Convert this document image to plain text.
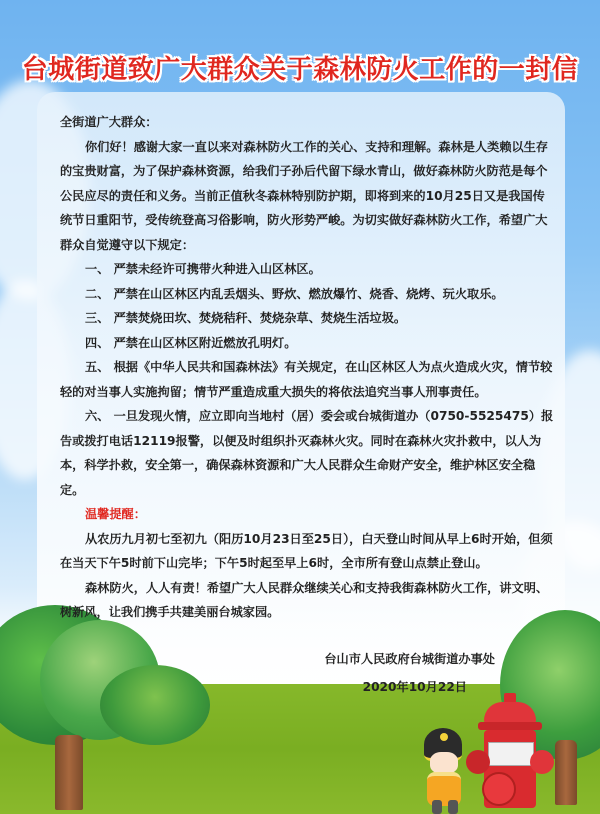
台城街道致广大群众关于森林防火工作的一封信

全街道广大群众：

你们好！感谢大家一直以来对森林防火工作的关心、支持和理解。森林是人类赖以生存的宝贵财富，为了保护森林资源，给我们子孙后代留下绿水青山，做好森林防火防范是每个公民应尽的责任和义务。当前正值秋冬森林特别防护期，即将到来的10月25日又是我国传统节日重阳节，受传统登高习俗影响，防火形势严峻。为切实做好森林防火工作，希望广大群众自觉遵守以下规定：

一、 严禁未经许可携带火种进入山区林区。

二、 严禁在山区林区内乱丢烟头、野炊、燃放爆竹、烧香、烧烤、玩火取乐。

三、 严禁焚烧田坎、焚烧秸秆、焚烧杂草、焚烧生活垃圾。

四、 严禁在山区林区附近燃放孔明灯。

五、 根据《中华人民共和国森林法》有关规定，在山区林区人为点火造成火灾，情节较轻的对当事人实施拘留；情节严重造成重大损失的将依法追究当事人刑事责任。

六、 一旦发现火情，应立即向当地村（居）委会或台城街道办（0750-5525475）报告或拨打电话12119报警，以便及时组织扑灭森林火灾。同时在森林火灾扑救中，以人为本，科学扑救，安全第一，确保森林资源和广大人民群众生命财产安全，维护林区安全稳定。

温馨提醒：

从农历九月初七至初九（阳历10月23日至25日），白天登山时间从早上6时开始，但须在当天下午5时前下山完毕；下午5时起至早上6时，全市所有登山点禁止登山。

森林防火，人人有责！希望广大人民群众继续关心和支持我街森林防火工作，讲文明、树新风，让我们携手共建美丽台城家园。

台山市人民政府台城街道办事处

2020年10月22日
